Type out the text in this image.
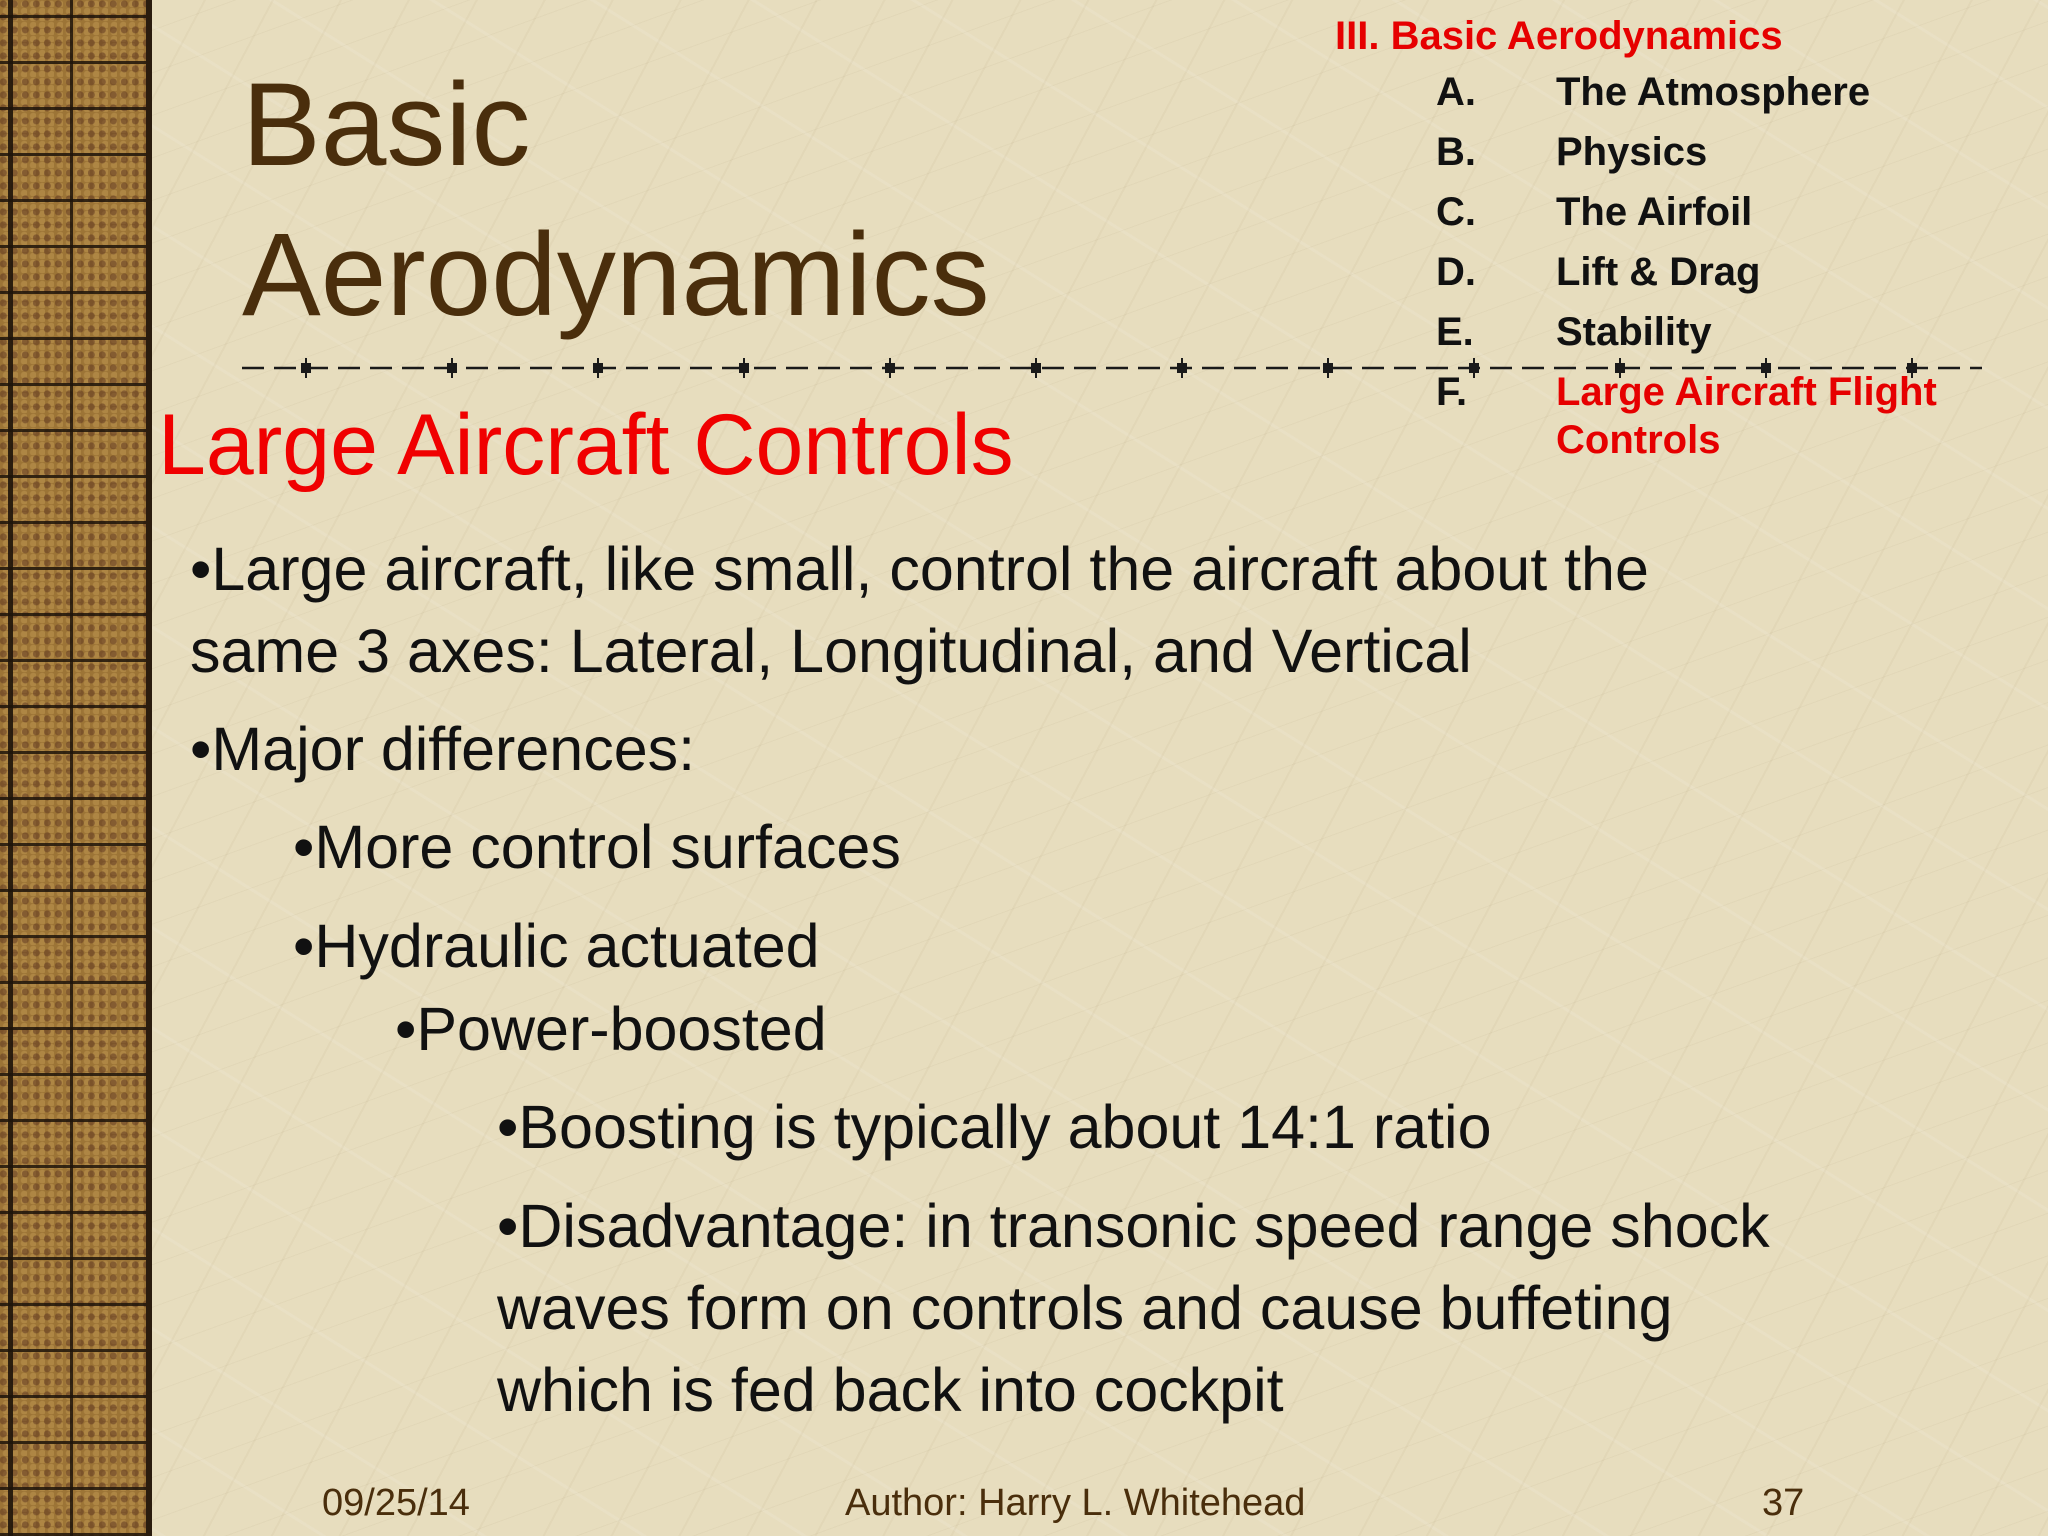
Basic
Aerodynamics

III. Basic Aerodynamics

A.	The Atmosphere
B.	Physics
C.	The Airfoil
D.	Lift & Drag
E.	Stability
F.	Large Aircraft Flight
Controls
Large Aircraft Controls

•Large aircraft, like small, control the aircraft about the

same 3 axes: Lateral, Longitudinal, and Vertical

•Major differences:

•More control surfaces

•Hydraulic actuated

•Power-boosted

•Boosting is typically about 14:1 ratio

•Disadvantage: in transonic speed range shock

waves form on controls and cause buffeting

which is fed back into cockpit

09/25/14	Author: Harry L. Whitehead	37
